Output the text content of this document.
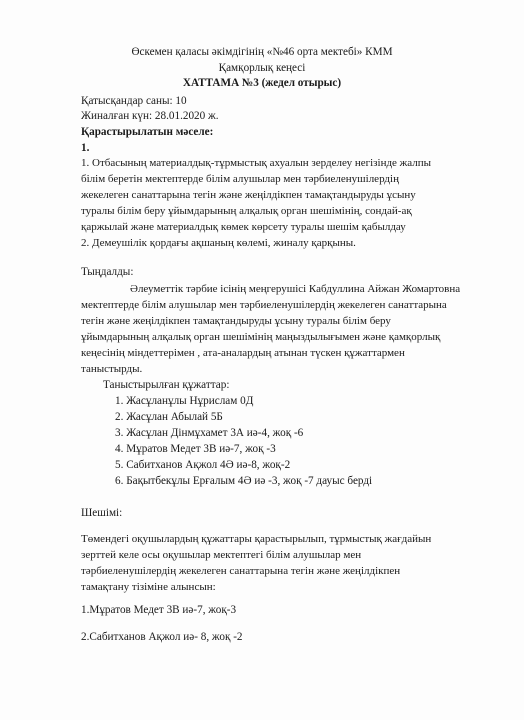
Өскемен қаласы әкімдігінің «№46 орта мектебі» КММ
Қамқорлық кеңесі
ХАТТАМА №3 (жедел отырыс)
Қатысқандар саны: 10
Жиналған күн: 28.01.2020 ж.
Қарастырылатын мәселе:
1.
1. Отбасының материалдық-тұрмыстық ахуалын зерделеу негізінде жалпы
білім беретін мектептерде білім алушылар мен тәрбиеленушілердің
жекелеген санаттарына тегін және жеңілдікпен тамақтандыруды ұсыну
туралы білім беру ұйымдарының алқалық орган шешімінің, сондай-ақ
қаржылай және материалдық көмек көрсету туралы шешім қабылдау
2. Демеушілік қордағы ақшаның көлемі, жиналу қарқыны.
Тыңдалды:
Әлеуметтік тәрбие ісінің меңгерушісі Кабдуллина Айжан Жомартовна
мектептерде білім алушылар мен тәрбиеленушілердің жекелеген санаттарына
тегін және жеңілдікпен тамақтандыруды ұсыну туралы білім беру
ұйымдарының алқалық орган шешімінің маңыздылығымен және қамқорлық
кеңесінің міндеттерімен , ата-аналардың атынан түскен құжаттармен
таныстырды.
Таныстырылған құжаттар:
1. Жасұланұлы Нұрислам 0Д
2. Жасұлан Абылай 5Б
3. Жасұлан Дінмұхамет 3А иә-4, жоқ -6
4. Мұратов Медет 3В иә-7, жоқ -3
5. Сабитханов Ақжол 4Ә иә-8, жоқ-2
6. Бақытбекұлы Ерғалым 4Ә иә -3, жоқ -7 дауыс берді
Шешімі:
Төмендегі оқушылардың құжаттары қарастырылып, тұрмыстық жағдайын
зерттей келе осы оқушылар мектептегі білім алушылар мен
тәрбиеленушілердің жекелеген санаттарына тегін және жеңілдікпен
тамақтану тізіміне алынсын:
1.Мұратов Медет 3В иә-7, жоқ-3
2.Сабитханов Ақжол иә- 8, жоқ -2
